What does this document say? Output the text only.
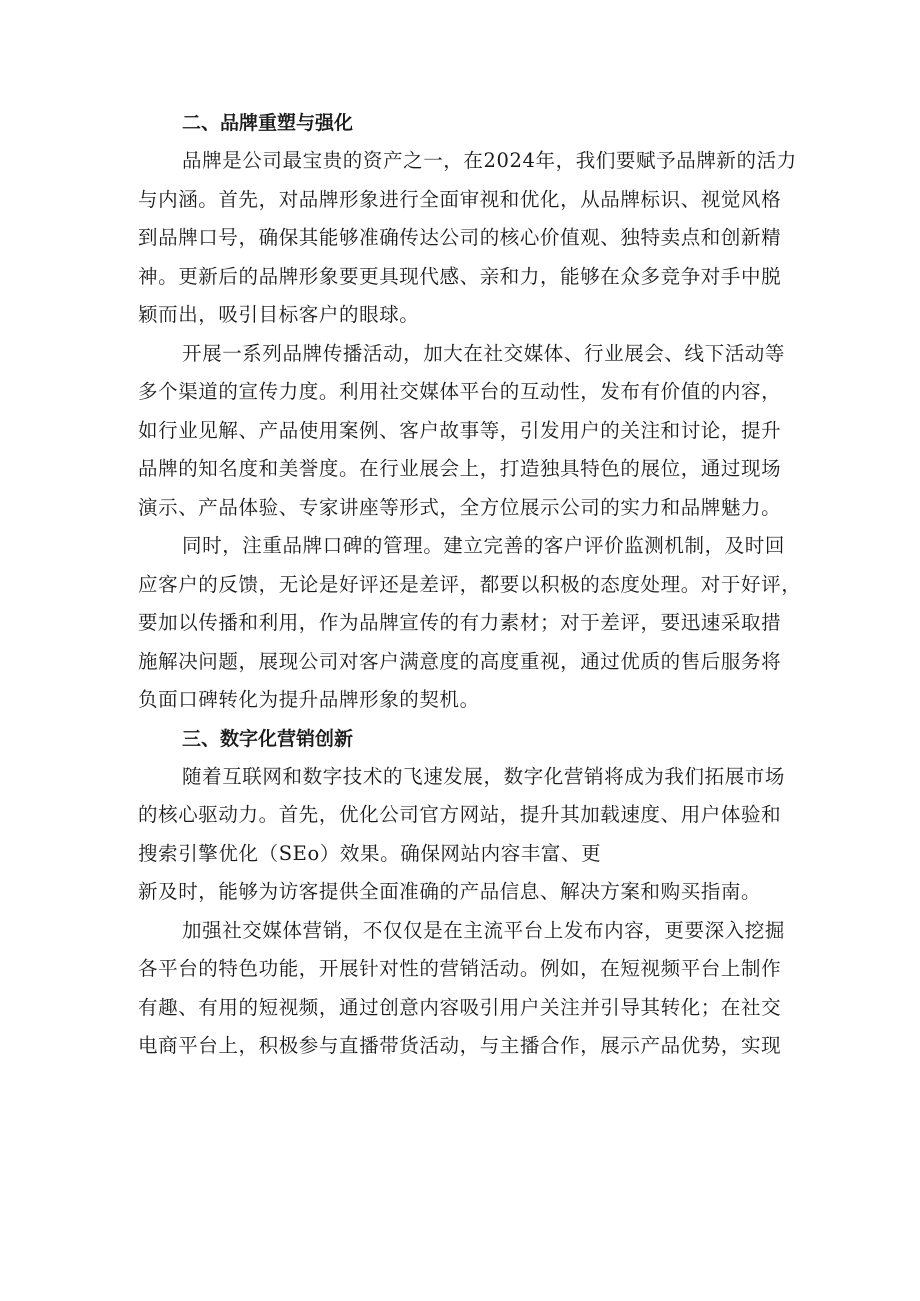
二、品牌重塑与强化
品牌是公司最宝贵的资产之一，在2024年，我们要赋予品牌新的活力
与内涵。首先，对品牌形象进行全面审视和优化，从品牌标识、视觉风格
到品牌口号，确保其能够准确传达公司的核心价值观、独特卖点和创新精
神。更新后的品牌形象要更具现代感、亲和力，能够在众多竞争对手中脱
颖而出，吸引目标客户的眼球。
开展一系列品牌传播活动，加大在社交媒体、行业展会、线下活动等
多个渠道的宣传力度。利用社交媒体平台的互动性，发布有价值的内容，
如行业见解、产品使用案例、客户故事等，引发用户的关注和讨论，提升
品牌的知名度和美誉度。在行业展会上，打造独具特色的展位，通过现场
演示、产品体验、专家讲座等形式，全方位展示公司的实力和品牌魅力。
同时，注重品牌口碑的管理。建立完善的客户评价监测机制，及时回
应客户的反馈，无论是好评还是差评，都要以积极的态度处理。对于好评，
要加以传播和利用，作为品牌宣传的有力素材；对于差评，要迅速采取措
施解决问题，展现公司对客户满意度的高度重视，通过优质的售后服务将
负面口碑转化为提升品牌形象的契机。
三、数字化营销创新
随着互联网和数字技术的飞速发展，数字化营销将成为我们拓展市场
的核心驱动力。首先，优化公司官方网站，提升其加载速度、用户体验和
搜索引擎优化（SEo）效果。确保网站内容丰富、更
新及时，能够为访客提供全面准确的产品信息、解决方案和购买指南。
加强社交媒体营销，不仅仅是在主流平台上发布内容，更要深入挖掘
各平台的特色功能，开展针对性的营销活动。例如，在短视频平台上制作
有趣、有用的短视频，通过创意内容吸引用户关注并引导其转化；在社交
电商平台上，积极参与直播带货活动，与主播合作，展示产品优势，实现
